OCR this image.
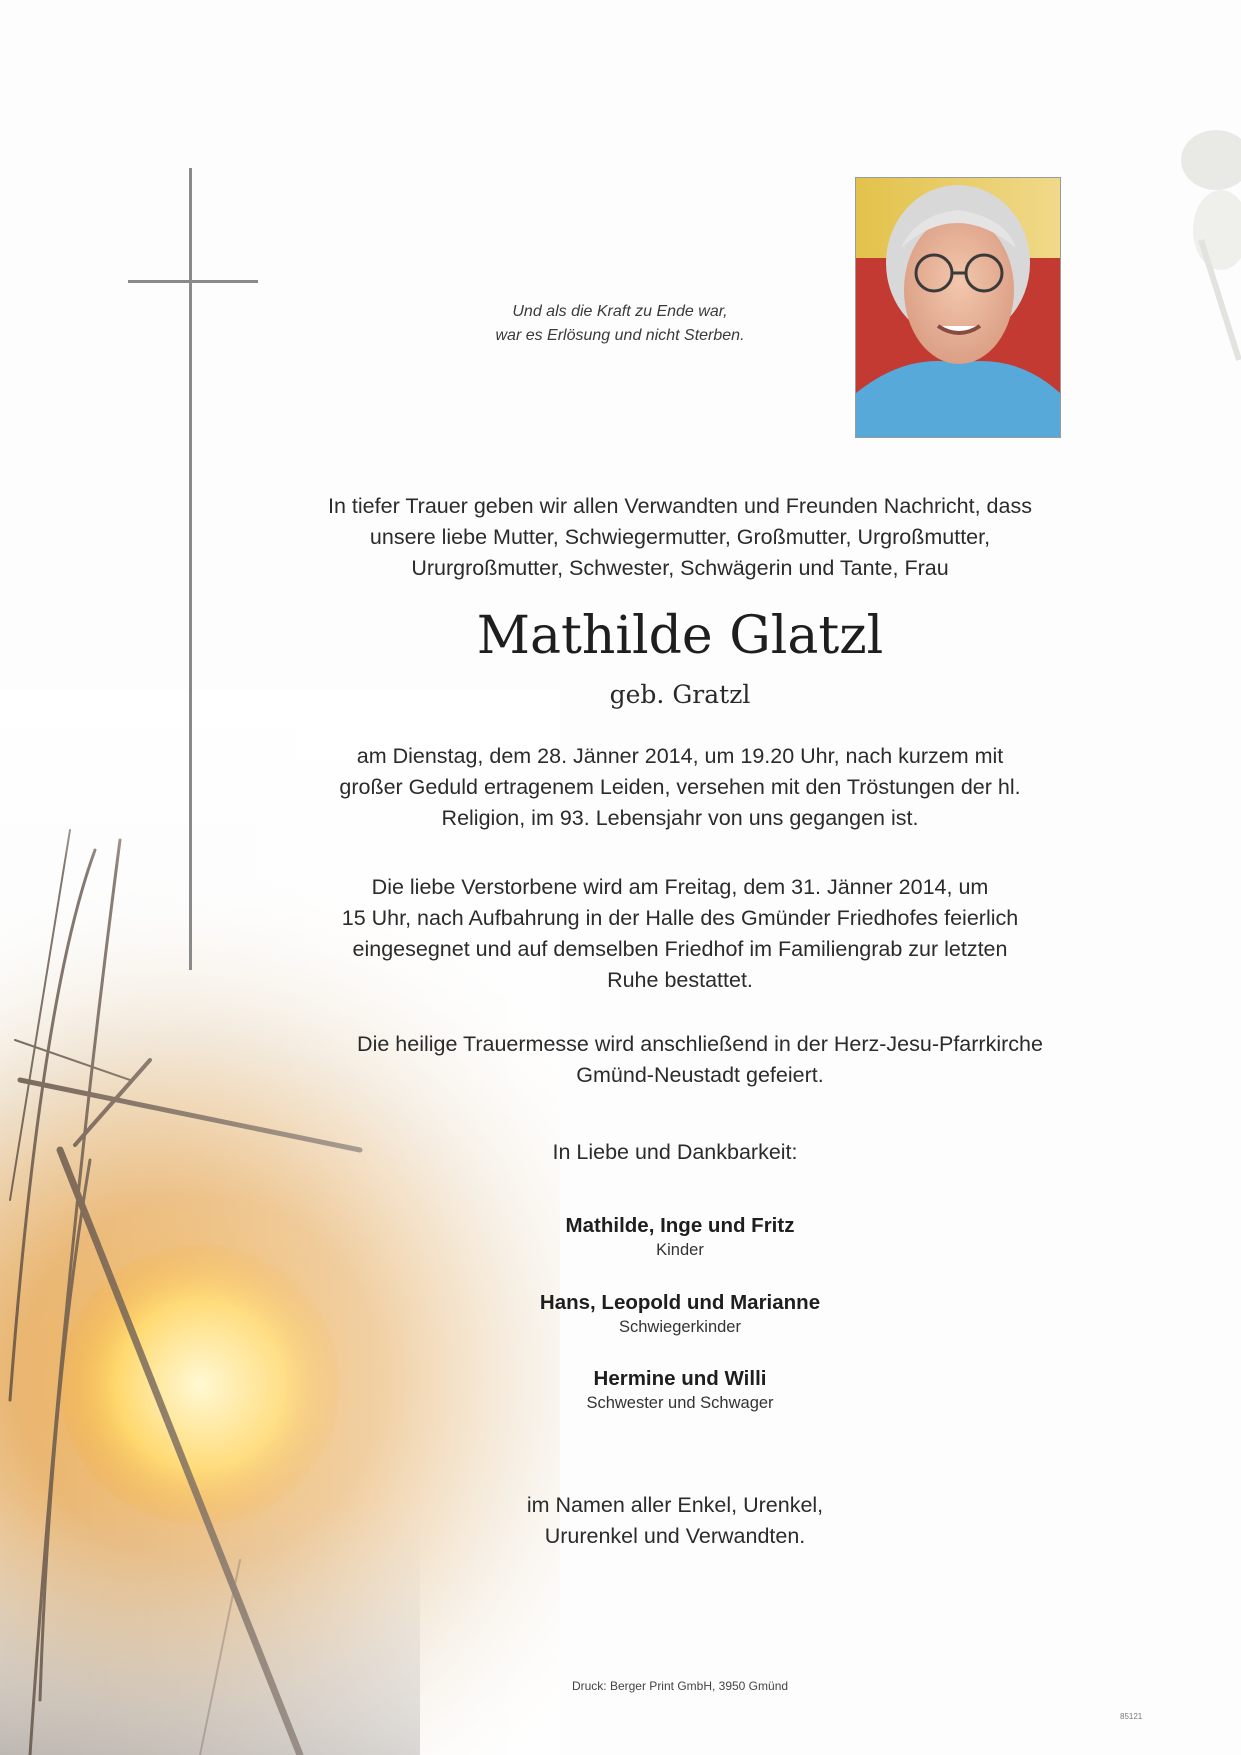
Und als die Kraft zu Ende war,
war es Erlösung und nicht Sterben.
In tiefer Trauer geben wir allen Verwandten und Freunden Nachricht, dass
unsere liebe Mutter, Schwiegermutter, Großmutter, Urgroßmutter,
Ururgroßmutter, Schwester, Schwägerin und Tante, Frau
Mathilde Glatzl
geb. Gratzl
am Dienstag, dem 28. Jänner 2014, um 19.20 Uhr, nach kurzem mit
großer Geduld ertragenem Leiden, versehen mit den Tröstungen der hl.
Religion, im 93. Lebensjahr von uns gegangen ist.
Die liebe Verstorbene wird am Freitag, dem 31. Jänner 2014, um
15 Uhr, nach Aufbahrung in der Halle des Gmünder Friedhofes feierlich
eingesegnet und auf demselben Friedhof im Familiengrab zur letzten
Ruhe bestattet.
Die heilige Trauermesse wird anschließend in der Herz-Jesu-Pfarrkirche
Gmünd-Neustadt gefeiert.
In Liebe und Dankbarkeit:
Mathilde, Inge und Fritz
Kinder
Hans, Leopold und Marianne
Schwiegerkinder
Hermine und Willi
Schwester und Schwager
im Namen aller Enkel, Urenkel,
Ururenkel und Verwandten.
Druck: Berger Print GmbH, 3950 Gmünd
85121
